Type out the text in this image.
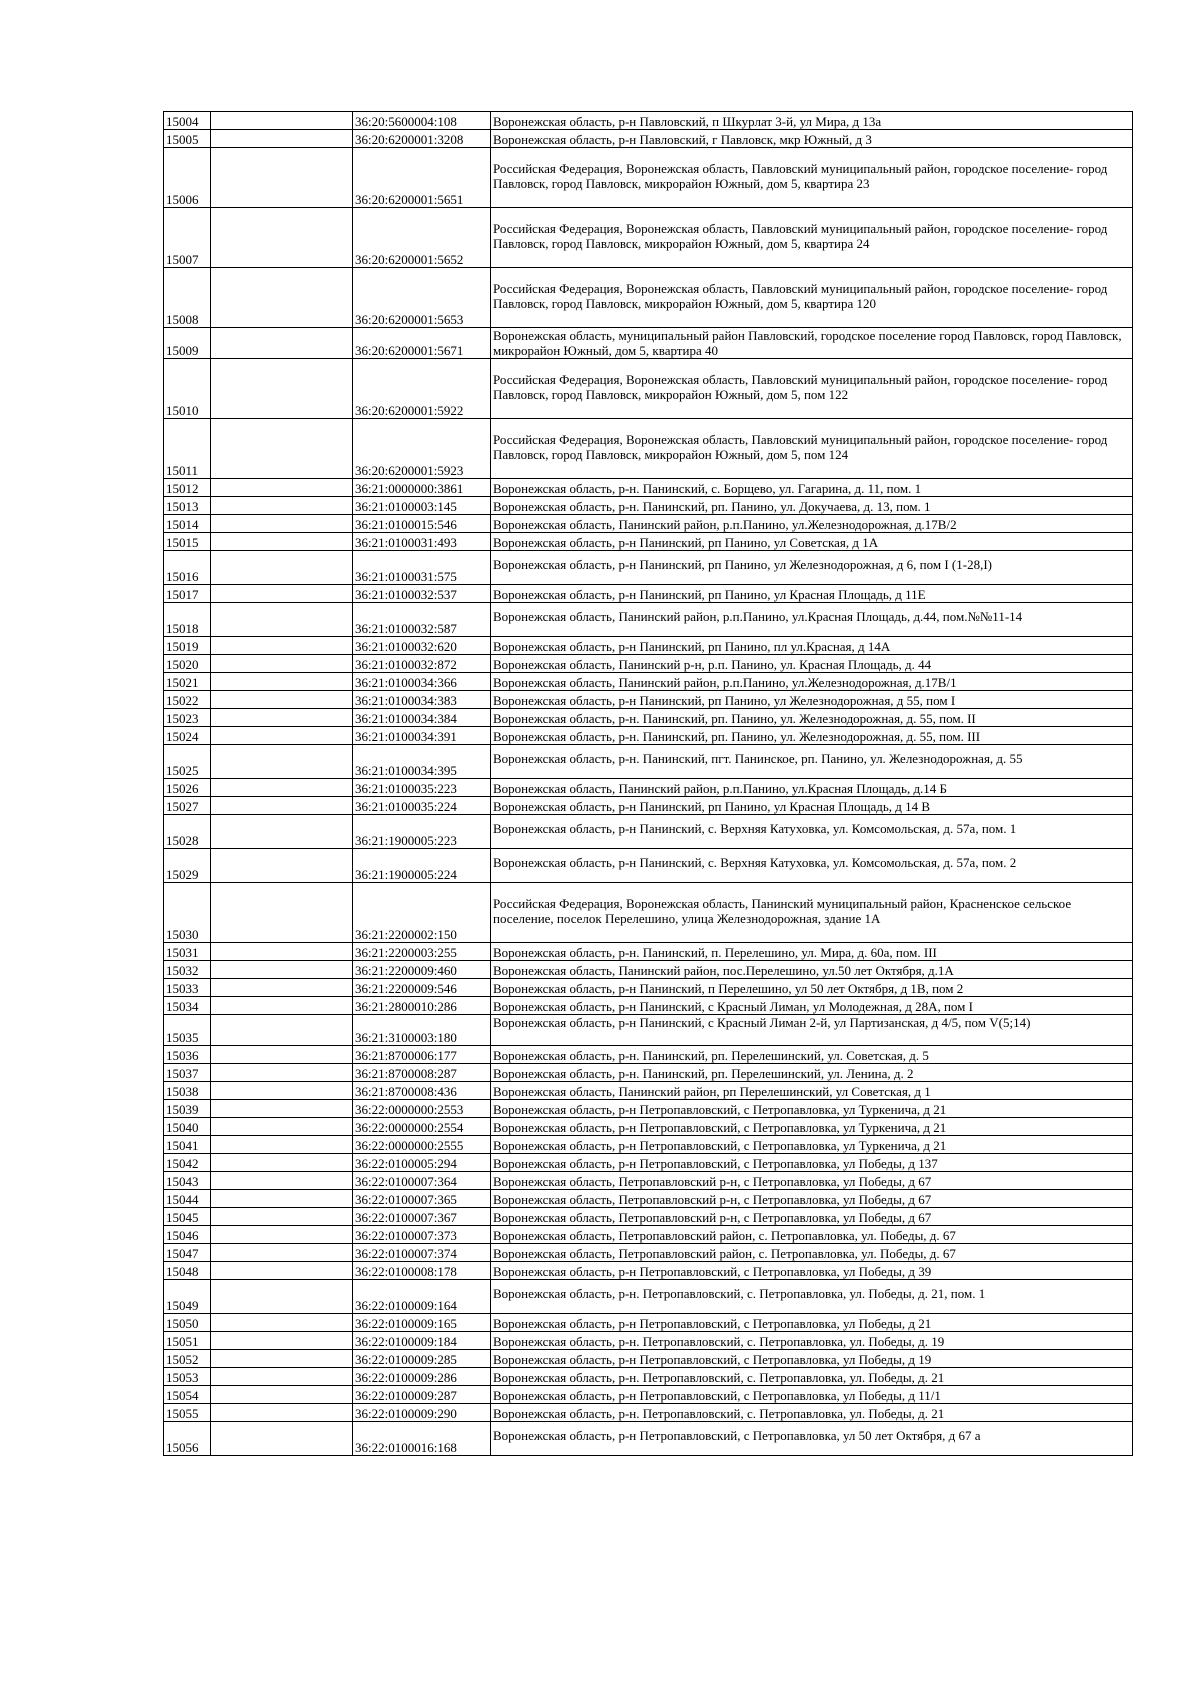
15004		36:20:5600004:108	Воронежская область, р-н Павловский, п Шкурлат 3-й, ул Мира, д 13а
15005		36:20:6200001:3208	Воронежская область, р-н Павловский, г Павловск, мкр Южный, д 3
15006		36:20:6200001:5651	Российская Федерация, Воронежская область, Павловский муниципальный район, городское поселение- город Павловск, город Павловск, микрорайон Южный, дом 5, квартира 23
15007		36:20:6200001:5652	Российская Федерация, Воронежская область, Павловский муниципальный район, городское поселение- город Павловск, город Павловск, микрорайон Южный, дом 5, квартира 24
15008		36:20:6200001:5653	Российская Федерация, Воронежская область, Павловский муниципальный район, городское поселение- город Павловск, город Павловск, микрорайон Южный, дом 5, квартира 120
15009		36:20:6200001:5671	Воронежская область, муниципальный район Павловский, городское поселение город Павловск, город Павловск, микрорайон Южный, дом 5, квартира 40
15010		36:20:6200001:5922	Российская Федерация, Воронежская область, Павловский муниципальный район, городское поселение- город Павловск, город Павловск, микрорайон Южный, дом 5, пом 122
15011		36:20:6200001:5923	Российская Федерация, Воронежская область, Павловский муниципальный район, городское поселение- город Павловск, город Павловск, микрорайон Южный, дом 5, пом 124
15012		36:21:0000000:3861	Воронежская область, р-н. Панинский, с. Борщево, ул. Гагарина, д. 11, пом. 1
15013		36:21:0100003:145	Воронежская область, р-н. Панинский, рп. Панино, ул. Докучаева, д. 13, пом. 1
15014		36:21:0100015:546	Воронежская область, Панинский район, р.п.Панино, ул.Железнодорожная, д.17В/2
15015		36:21:0100031:493	Воронежская область, р-н Панинский, рп Панино, ул Советская, д 1А
15016		36:21:0100031:575	Воронежская область, р-н Панинский, рп Панино, ул Железнодорожная, д 6, пом I (1-28,I)
15017		36:21:0100032:537	Воронежская область, р-н Панинский, рп Панино, ул Красная Площадь, д 11Е
15018		36:21:0100032:587	Воронежская область, Панинский район, р.п.Панино, ул.Красная Площадь, д.44, пом.№№11-14
15019		36:21:0100032:620	Воронежская область, р-н Панинский, рп Панино, пл ул.Красная, д 14А
15020		36:21:0100032:872	Воронежская область, Панинский р-н, р.п. Панино, ул. Красная Площадь, д. 44
15021		36:21:0100034:366	Воронежская область, Панинский район, р.п.Панино, ул.Железнодорожная, д.17В/1
15022		36:21:0100034:383	Воронежская область, р-н Панинский, рп Панино, ул Железнодорожная, д 55, пом I
15023		36:21:0100034:384	Воронежская область, р-н. Панинский, рп. Панино, ул. Железнодорожная, д. 55, пом. II
15024		36:21:0100034:391	Воронежская область, р-н. Панинский, рп. Панино, ул. Железнодорожная, д. 55, пом. III
15025		36:21:0100034:395	Воронежская область, р-н. Панинский, пгт. Панинское, рп. Панино, ул. Железнодорожная, д. 55
15026		36:21:0100035:223	Воронежская область, Панинский район, р.п.Панино, ул.Красная Площадь, д.14 Б
15027		36:21:0100035:224	Воронежская область, р-н Панинский, рп Панино, ул Красная Площадь, д 14 В
15028		36:21:1900005:223	Воронежская область, р-н Панинский, с. Верхняя Катуховка, ул. Комсомольская, д. 57а, пом. 1
15029		36:21:1900005:224	Воронежская область, р-н Панинский, с. Верхняя Катуховка, ул. Комсомольская, д. 57а, пом. 2
15030		36:21:2200002:150	Российская Федерация, Воронежская область, Панинский муниципальный район, Красненское сельское поселение, поселок Перелешино, улица Железнодорожная, здание 1А
15031		36:21:2200003:255	Воронежская область, р-н. Панинский, п. Перелешино, ул. Мира, д. 60а, пом. III
15032		36:21:2200009:460	Воронежская область, Панинский район, пос.Перелешино, ул.50 лет Октября, д.1А
15033		36:21:2200009:546	Воронежская область, р-н Панинский, п Перелешино, ул 50 лет Октября, д 1В, пом 2
15034		36:21:2800010:286	Воронежская область, р-н Панинский, с Красный Лиман, ул Молодежная, д 28А, пом I
15035		36:21:3100003:180	Воронежская область, р-н Панинский, с Красный Лиман 2-й, ул Партизанская, д 4/5, пом V(5;14)
15036		36:21:8700006:177	Воронежская область, р-н. Панинский, рп. Перелешинский, ул. Советская, д. 5
15037		36:21:8700008:287	Воронежская область, р-н. Панинский, рп. Перелешинский, ул. Ленина, д. 2
15038		36:21:8700008:436	Воронежская область, Панинский район, рп Перелешинский, ул Советская, д 1
15039		36:22:0000000:2553	Воронежская область, р-н Петропавловский, с Петропавловка, ул Туркенича, д 21
15040		36:22:0000000:2554	Воронежская область, р-н Петропавловский, с Петропавловка, ул Туркенича, д 21
15041		36:22:0000000:2555	Воронежская область, р-н Петропавловский, с Петропавловка, ул Туркенича, д 21
15042		36:22:0100005:294	Воронежская область, р-н Петропавловский, с Петропавловка, ул Победы, д 137
15043		36:22:0100007:364	Воронежская область, Петропавловский р-н, с Петропавловка, ул Победы, д 67
15044		36:22:0100007:365	Воронежская область, Петропавловский р-н, с Петропавловка, ул Победы, д 67
15045		36:22:0100007:367	Воронежская область, Петропавловский р-н, с Петропавловка, ул Победы, д 67
15046		36:22:0100007:373	Воронежская область, Петропавловский район, с. Петропавловка, ул. Победы, д. 67
15047		36:22:0100007:374	Воронежская область, Петропавловский район, с. Петропавловка, ул. Победы, д. 67
15048		36:22:0100008:178	Воронежская область, р-н Петропавловский, с Петропавловка, ул Победы, д 39
15049		36:22:0100009:164	Воронежская область, р-н. Петропавловский, с. Петропавловка, ул. Победы, д. 21, пом. 1
15050		36:22:0100009:165	Воронежская область, р-н Петропавловский, с Петропавловка, ул Победы, д 21
15051		36:22:0100009:184	Воронежская область, р-н. Петропавловский, с. Петропавловка, ул. Победы, д. 19
15052		36:22:0100009:285	Воронежская область, р-н Петропавловский, с Петропавловка, ул Победы, д 19
15053		36:22:0100009:286	Воронежская область, р-н. Петропавловский, с. Петропавловка, ул. Победы, д. 21
15054		36:22:0100009:287	Воронежская область, р-н Петропавловский, с Петропавловка, ул Победы, д 11/1
15055		36:22:0100009:290	Воронежская область, р-н. Петропавловский, с. Петропавловка, ул. Победы, д. 21
15056		36:22:0100016:168	Воронежская область, р-н Петропавловский, с Петропавловка, ул 50 лет Октября, д 67 а
